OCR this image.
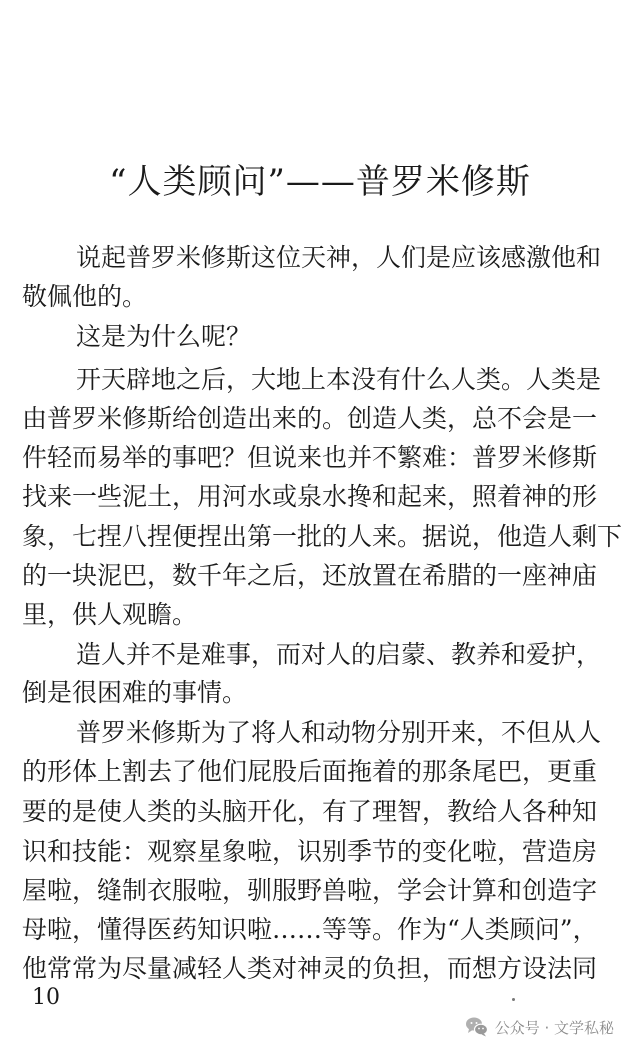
“人类顾问”——普罗米修斯
说起普罗米修斯这位天神，人们是应该感激他和
敬佩他的。
这是为什么呢？
开天辟地之后，大地上本没有什么人类。人类是
由普罗米修斯给创造出来的。创造人类，总不会是一
件轻而易举的事吧？但说来也并不繁难：普罗米修斯
找来一些泥土，用河水或泉水搀和起来，照着神的形
象，七捏八捏便捏出第一批的人来。据说，他造人剩下
的一块泥巴，数千年之后，还放置在希腊的一座神庙
里，供人观瞻。
造人并不是难事，而对人的启蒙、教养和爱护，
倒是很困难的事情。
普罗米修斯为了将人和动物分别开来，不但从人
的形体上割去了他们屁股后面拖着的那条尾巴，更重
要的是使人类的头脑开化，有了理智，教给人各种知
识和技能：观察星象啦，识别季节的变化啦，营造房
屋啦，缝制衣服啦，驯服野兽啦，学会计算和创造字
母啦，懂得医药知识啦……等等。作为“人类顾问”，
他常常为尽量减轻人类对神灵的负担，而想方设法同
10
公众号 · 文学私秘
